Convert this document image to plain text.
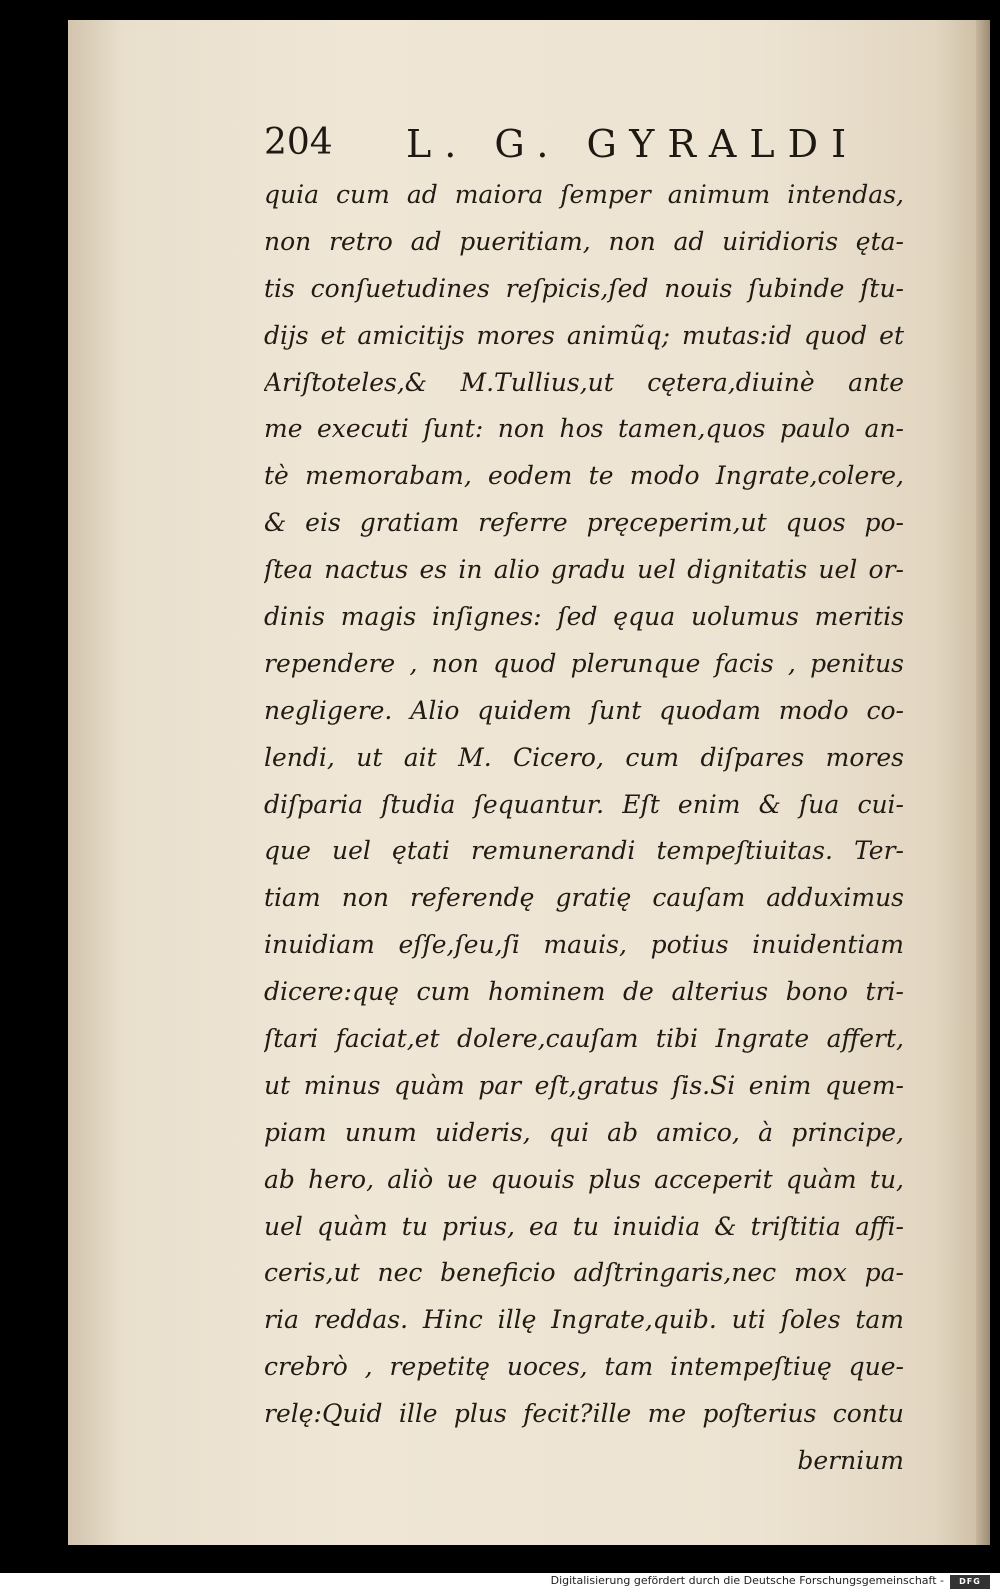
204 L. G. GYRALDI
quia cum ad maiora ſemper animum intendas,
non retro ad pueritiam, non ad uiridioris ęta-
tis conſuetudines reſpicis,ſed nouis ſubinde ſtu-
dijs et amicitijs mores animũq; mutas:id quod et
Ariſtoteles,& M.Tullius,ut cętera,diuinè ante
me executi ſunt: non hos tamen,quos paulo an-
tè memorabam, eodem te modo Ingrate,colere,
& eis gratiam referre pręceperim,ut quos po-
ſtea nactus es in alio gradu uel dignitatis uel or-
dinis magis inſignes: ſed ęqua uolumus meritis
rependere , non quod plerunque facis , penitus
negligere. Alio quidem ſunt quodam modo co-
lendi, ut ait M. Cicero, cum diſpares mores
diſparia ſtudia ſequantur. Eſt enim & ſua cui-
que uel ętati remunerandi tempeſtiuitas. Ter-
tiam non referendę gratię cauſam adduximus
inuidiam eſſe,ſeu,ſi mauis, potius inuidentiam
dicere:quę cum hominem de alterius bono tri-
ſtari faciat,et dolere,cauſam tibi Ingrate affert,
ut minus quàm par eſt,gratus ſis.Si enim quem-
piam unum uideris, qui ab amico, à principe,
ab hero, aliò ue quouis plus acceperit quàm tu,
uel quàm tu prius, ea tu inuidia & triſtitia affi-
ceris,ut nec beneficio adſtringaris,nec mox pa-
ria reddas. Hinc illę Ingrate,quib. uti ſoles tam
crebrò , repetitę uoces, tam intempeſtiuę que-
relę:Quid ille plus fecit?ille me poſterius contu
bernium
Digitalisierung gefördert durch die Deutsche Forschungsgemeinschaft -	DFG
